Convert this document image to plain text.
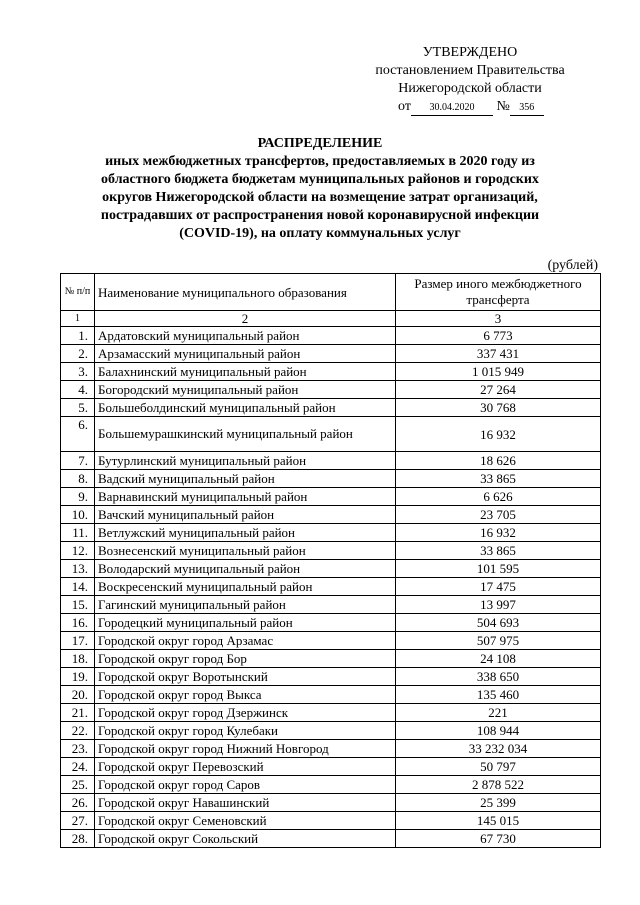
УТВЕРЖДЕНО
постановлением Правительства
Нижегородской области
от 30.04.2020 № 356
РАСПРЕДЕЛЕНИЕ
иных межбюджетных трансфертов, предоставляемых в 2020 году из
областного бюджета бюджетам муниципальных районов и городских
округов Нижегородской области на возмещение затрат организаций,
пострадавших от распространения новой коронавирусной инфекции
(COVID-19), на оплату коммунальных услуг
(рублей)
№ п/п	Наименование муниципального образования	Размер иного межбюджетного трансферта
1	2	3
1.	Ардатовский муниципальный район	6 773
2.	Арзамасский муниципальный район	337 431
3.	Балахнинский муниципальный район	1 015 949
4.	Богородский муниципальный район	27 264
5.	Большеболдинский муниципальный район	30 768
6.	Большемурашкинский муниципальный район	16 932
7.	Бутурлинский муниципальный район	18 626
8.	Вадский муниципальный район	33 865
9.	Варнавинский муниципальный район	6 626
10.	Вачский муниципальный район	23 705
11.	Ветлужский муниципальный район	16 932
12.	Вознесенский муниципальный район	33 865
13.	Володарский муниципальный район	101 595
14.	Воскресенский муниципальный район	17 475
15.	Гагинский муниципальный район	13 997
16.	Городецкий муниципальный район	504 693
17.	Городской округ город Арзамас	507 975
18.	Городской округ город Бор	24 108
19.	Городской округ Воротынский	338 650
20.	Городской округ город Выкса	135 460
21.	Городской округ город Дзержинск	221
22.	Городской округ город Кулебаки	108 944
23.	Городской округ город Нижний Новгород	33 232 034
24.	Городской округ Перевозский	50 797
25.	Городской округ город Саров	2 878 522
26.	Городской округ Навашинский	25 399
27.	Городской округ Семеновский	145 015
28.	Городской округ Сокольский	67 730
